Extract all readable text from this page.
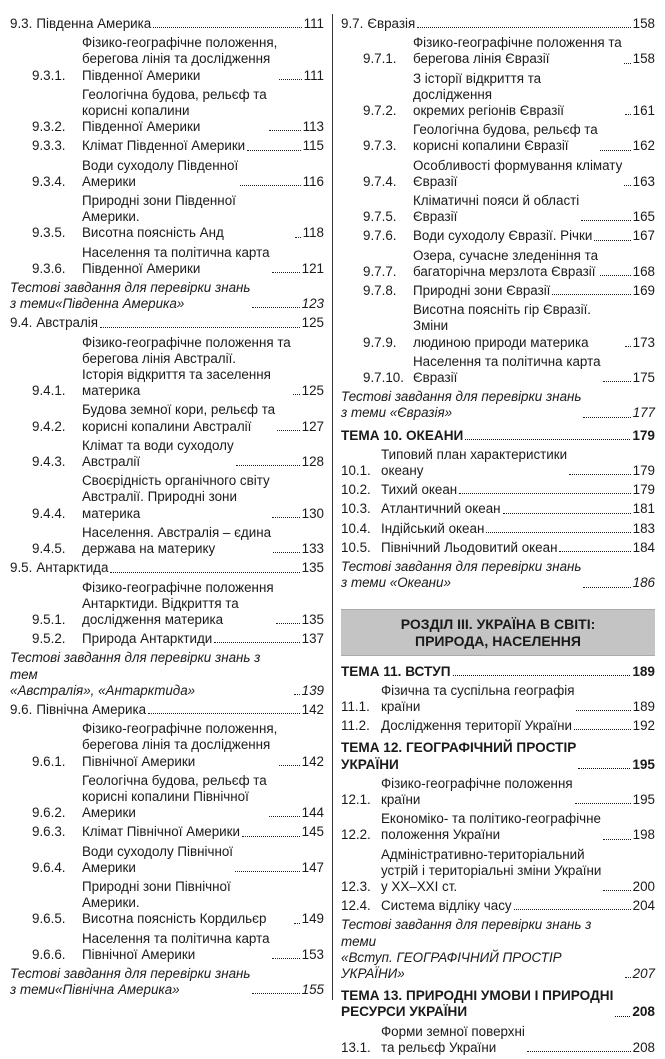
9.3. Південна Америка	111
9.3.1.
Фізико-географічне положення,
берегова лінія та дослідження
Південної Америки	111
9.3.2.
Геологічна будова, рельєф та
корисні копалини
Південної Америки	113
9.3.3.	Клімат Південної Америки	115
9.3.4.
Води суходолу Південної
Америки	116
9.3.5.
Природні зони Південної Америки.
Висотна поясність Анд	118
9.3.6.
Населення та політична карта
Південної Америки	121
Тестові завдання для перевірки знань
з теми«Південна Америка»	123
9.4. Австралія	125
9.4.1.
Фізико-географічне положення та
берегова лінія Австралії.
Історія відкриття та заселення
материка	125
9.4.2.
Будова земної кори, рельєф та
корисні копалини Австралії	127
9.4.3.
Клімат та води суходолу
Австралії	128
9.4.4.
Своєрідність органічного світу
Австралії. Природні зони
материка	130
9.4.5.
Населення. Австралія – єдина
держава на материку	133
9.5. Антарктида	135
9.5.1.
Фізико-географічне положення
Антарктиди. Відкриття та
дослідження материка	135
9.5.2.	Природа Антарктиди	137
Тестові завдання для перевірки знань з тем
«Австралія», «Антарктида»	139
9.6. Північна Америка	142
9.6.1.
Фізико-географічне положення,
берегова лінія та дослідження
Північної Америки	142
9.6.2.
Геологічна будова, рельєф та
корисні копалини Північної
Америки	144
9.6.3.	Клімат Північної Америки	145
9.6.4.
Води суходолу Північної
Америки	147
9.6.5.
Природні зони Північної Америки.
Висотна поясність Кордильєр	149
9.6.6.
Населення та політична карта
Північної Америки	153
Тестові завдання для перевірки знань
з теми«Північна Америка»	155
9.7. Євразія	158
9.7.1.
Фізико-географічне положення та
берегова лінія Євразії	158
9.7.2.
З історії відкриття та дослідження
окремих регіонів Євразії	161
9.7.3.
Геологічна будова, рельєф та
корисні копалини Євразії	162
9.7.4.
Особливості формування клімату
Євразії	163
9.7.5.
Кліматичні пояси й області
Євразії	165
9.7.6.	Води суходолу Євразії. Річки	167
9.7.7.
Озера, сучасне зледеніння та
багаторічна мерзлота Євразії	168
9.7.8.	Природні зони Євразії	169
9.7.9.
Висотна поясніть гір Євразії. Зміни
людиною природи материка	173
9.7.10.
Населення та політична карта
Євразії	175
Тестові завдання для перевірки знань
з теми «Євразія»	177
ТЕМА 10. ОКЕАНИ	179
10.1.
Типовий план характеристики
океану	179
10.2. Тихий океан	179
10.3. Атлантичний океан	181
10.4. Індійський океан	183
10.5. Північний Льодовитий океан	184
Тестові завдання для перевірки знань
з теми «Океани»	186
РОЗДІЛ III. УКРАЇНА В СВІТІ:
ПРИРОДА, НАСЕЛЕННЯ
ТЕМА 11. ВСТУП	189
11.1.
Фізична та суспільна географія
країни	189
11.2. Дослідження території України	192
ТЕМА 12. ГЕОГРАФІЧНИЙ ПРОСТІР
УКРАЇНИ	195
12.1.
Фізико-географічне положення
країни	195
12.2.
Економіко- та політико-географічне
положення України	198
12.3.
Адміністративно-територіальний
устрій і територіальні зміни України
у ХХ–ХХІ ст.	200
12.4. Система відліку часу	204
Тестові завдання для перевірки знань з теми
«Вступ. ГЕОГРАФІЧНИЙ ПРОСТІР УКРАЇНИ»	207
ТЕМА 13. ПРИРОДНІ УМОВИ І ПРИРОДНІ
РЕСУРСИ УКРАЇНИ	208
13.1.
Форми земної поверхні
та рельєф України	208
